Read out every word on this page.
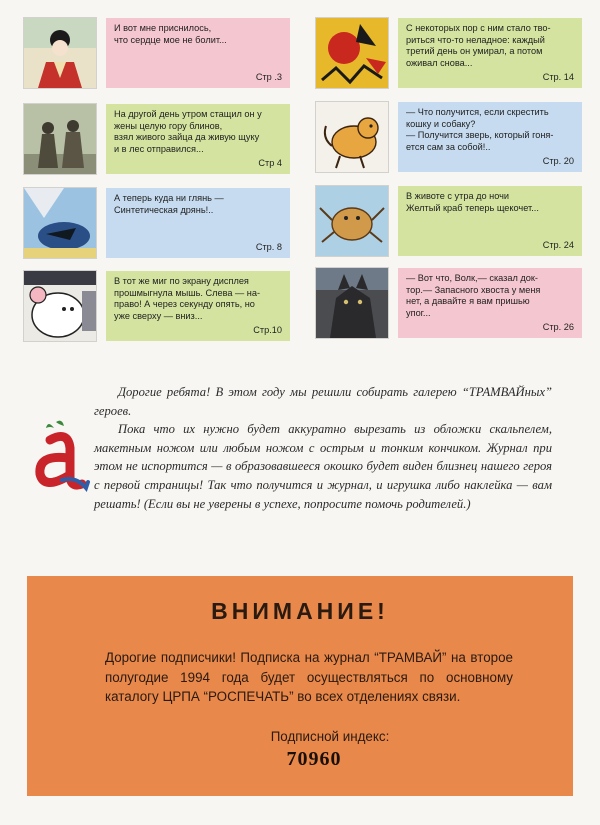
И вот мне приснилось,
что сердце мое не болит...
Стр .3
На другой день утром стащил он у
жены целую гору блинов,
взял живого зайца да живую щуку
и в лес отправился...
Стр 4
А теперь куда ни глянь —
Синтетическая дрянь!..
Стр. 8
В тот же миг по экрану дисплея
прошмыгнула мышь. Слева — на-
право! А через секунду опять, но
уже сверху — вниз...
Стр.10
С некоторых пор с ним стало тво-
риться что-то неладное: каждый
третий день он умирал, а потом
оживал снова...
Стр. 14
— Что получится, если скрестить
кошку и собаку?
— Получится зверь, который гоня-
ется сам за собой!..
Стр. 20
В животе с утра до ночи
Желтый краб теперь щекочет...
Стр. 24
— Вот что, Волк,— сказал док-
тор.— Запасного хвоста у меня
нет, а давайте я вам пришью
упог...
Стр. 26

Дорогие ребята! В этом году мы решили собирать галерею “ТРАМВАЙных” героев.

Пока что их нужно будет аккуратно вырезать из обложки скальпелем, макетным ножом или любым ножом с острым и тонким кончиком. Журнал при этом не испортится — в образовавшееся окошко будет виден близнец нашего героя с первой страницы! Так что получится и журнал, и игрушка либо наклейка — вам решать! (Если вы не уверены в успехе, попросите помочь родителей.)

ВНИМАНИЕ!
Дорогие подписчики! Подписка на журнал “ТРАМВАЙ” на второе полугодие 1994 года будет осуществляться по основному каталогу ЦРПА “РОСПЕЧАТЬ” во всех отделениях связи.
Подписной индекс:
70960
